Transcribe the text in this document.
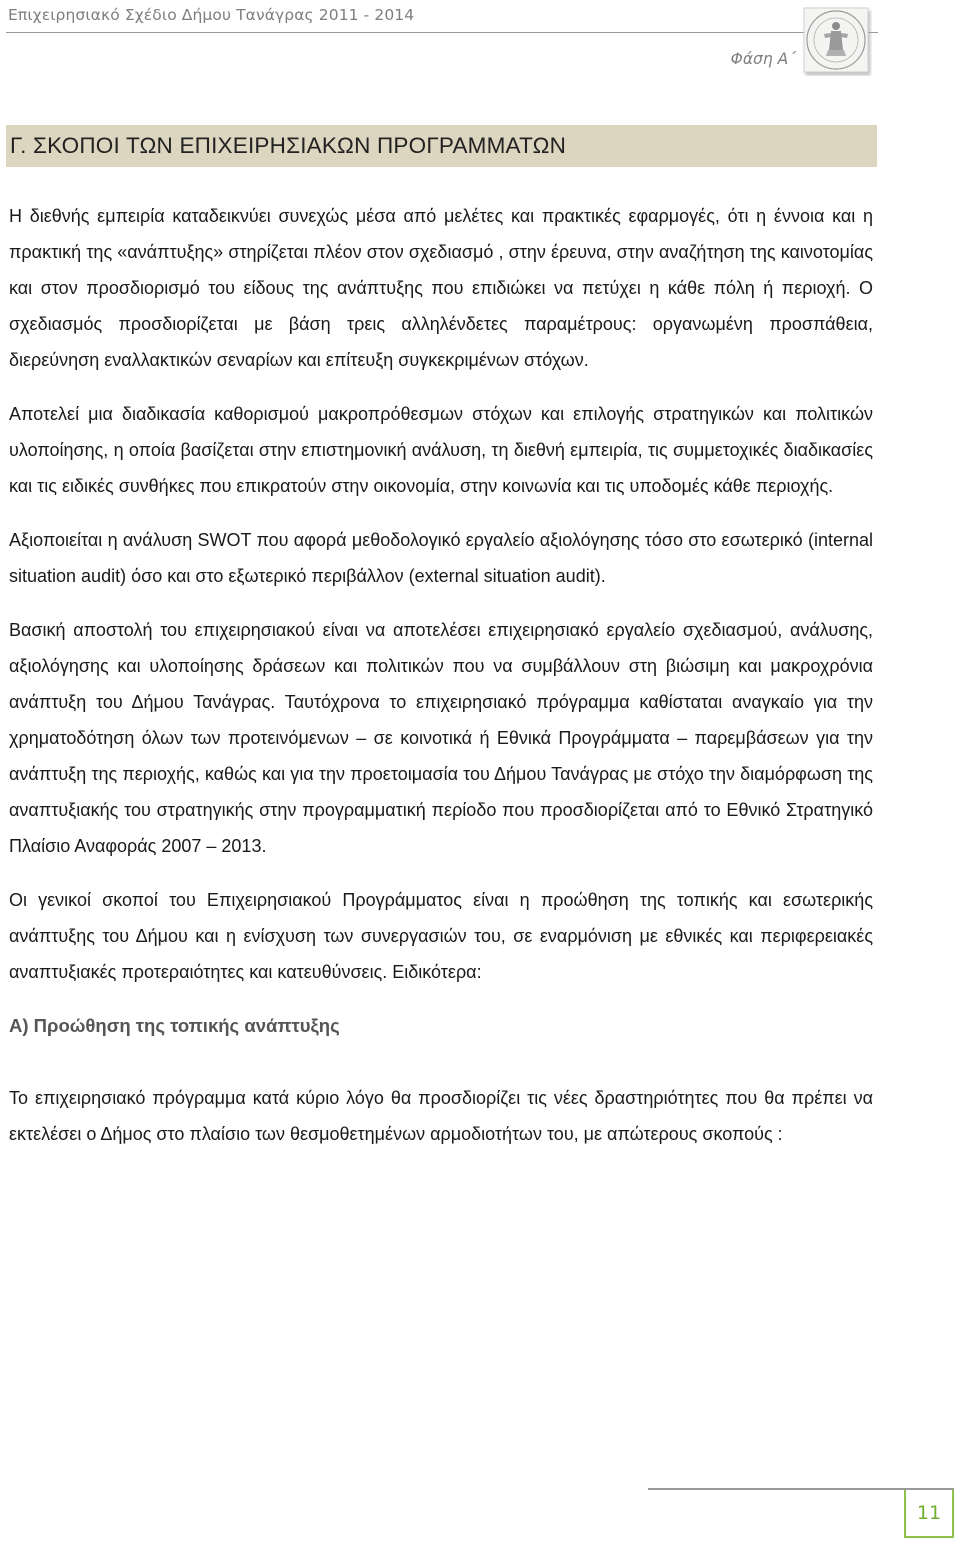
Επιχειρησιακό Σχέδιο Δήμου Τανάγρας 2011 - 2014
Φάση Α΄
Γ. ΣΚΟΠΟΙ ΤΩΝ ΕΠΙΧΕΙΡΗΣΙΑΚΩΝ ΠΡΟΓΡΑΜΜΑΤΩΝ

Η διεθνής εμπειρία καταδεικνύει συνεχώς μέσα από μελέτες και πρακτικές εφαρμογές, ότι η έννοια και η πρακτική της «ανάπτυξης» στηρίζεται πλέον στον σχεδιασμό , στην έρευνα, στην αναζήτηση της καινοτομίας και στον προσδιορισμό του είδους της ανάπτυξης που επιδιώκει να πετύχει η κάθε πόλη ή περιοχή. Ο σχεδιασμός προσδιορίζεται με βάση τρεις αλληλένδετες παραμέτρους: οργανωμένη προσπάθεια, διερεύνηση εναλλακτικών σεναρίων και επίτευξη συγκεκριμένων στόχων.

Αποτελεί μια διαδικασία καθορισμού μακροπρόθεσμων στόχων και επιλογής στρατηγικών και πολιτικών υλοποίησης, η οποία βασίζεται στην επιστημονική ανάλυση, τη διεθνή εμπειρία, τις συμμετοχικές διαδικασίες και τις ειδικές συνθήκες που επικρατούν στην οικονομία, στην κοινωνία και τις υποδομές κάθε περιοχής.

Αξιοποιείται η ανάλυση SWOT που αφορά μεθοδολογικό εργαλείο αξιολόγησης τόσο στο εσωτερικό (internal situation audit) όσο και στο εξωτερικό περιβάλλον (external situation audit).

Βασική αποστολή του επιχειρησιακού είναι να αποτελέσει επιχειρησιακό εργαλείο σχεδιασμού, ανάλυσης, αξιολόγησης και υλοποίησης δράσεων και πολιτικών που να συμβάλλουν στη βιώσιμη και μακροχρόνια ανάπτυξη του Δήμου Τανάγρας. Ταυτόχρονα το επιχειρησιακό πρόγραμμα καθίσταται αναγκαίο για την χρηματοδότηση όλων των προτεινόμενων – σε κοινοτικά ή Εθνικά Προγράμματα – παρεμβάσεων για την ανάπτυξη της περιοχής, καθώς και για την προετοιμασία του Δήμου Τανάγρας με στόχο την διαμόρφωση της αναπτυξιακής του στρατηγικής στην προγραμματική περίοδο που προσδιορίζεται από το Εθνικό Στρατηγικό Πλαίσιο Αναφοράς 2007 – 2013.

Οι γενικοί σκοποί του Επιχειρησιακού Προγράμματος είναι η προώθηση της τοπικής και εσωτερικής ανάπτυξης του Δήμου και η ενίσχυση των συνεργασιών του, σε εναρμόνιση με εθνικές και περιφερειακές αναπτυξιακές προτεραιότητες και κατευθύνσεις. Ειδικότερα:

Α) Προώθηση της τοπικής ανάπτυξης

Το επιχειρησιακό πρόγραμμα κατά κύριο λόγο θα προσδιορίζει τις νέες δραστηριότητες που θα πρέπει να εκτελέσει ο Δήμος στο πλαίσιο των θεσμοθετημένων αρμοδιοτήτων του, με απώτερους σκοπούς :

11
